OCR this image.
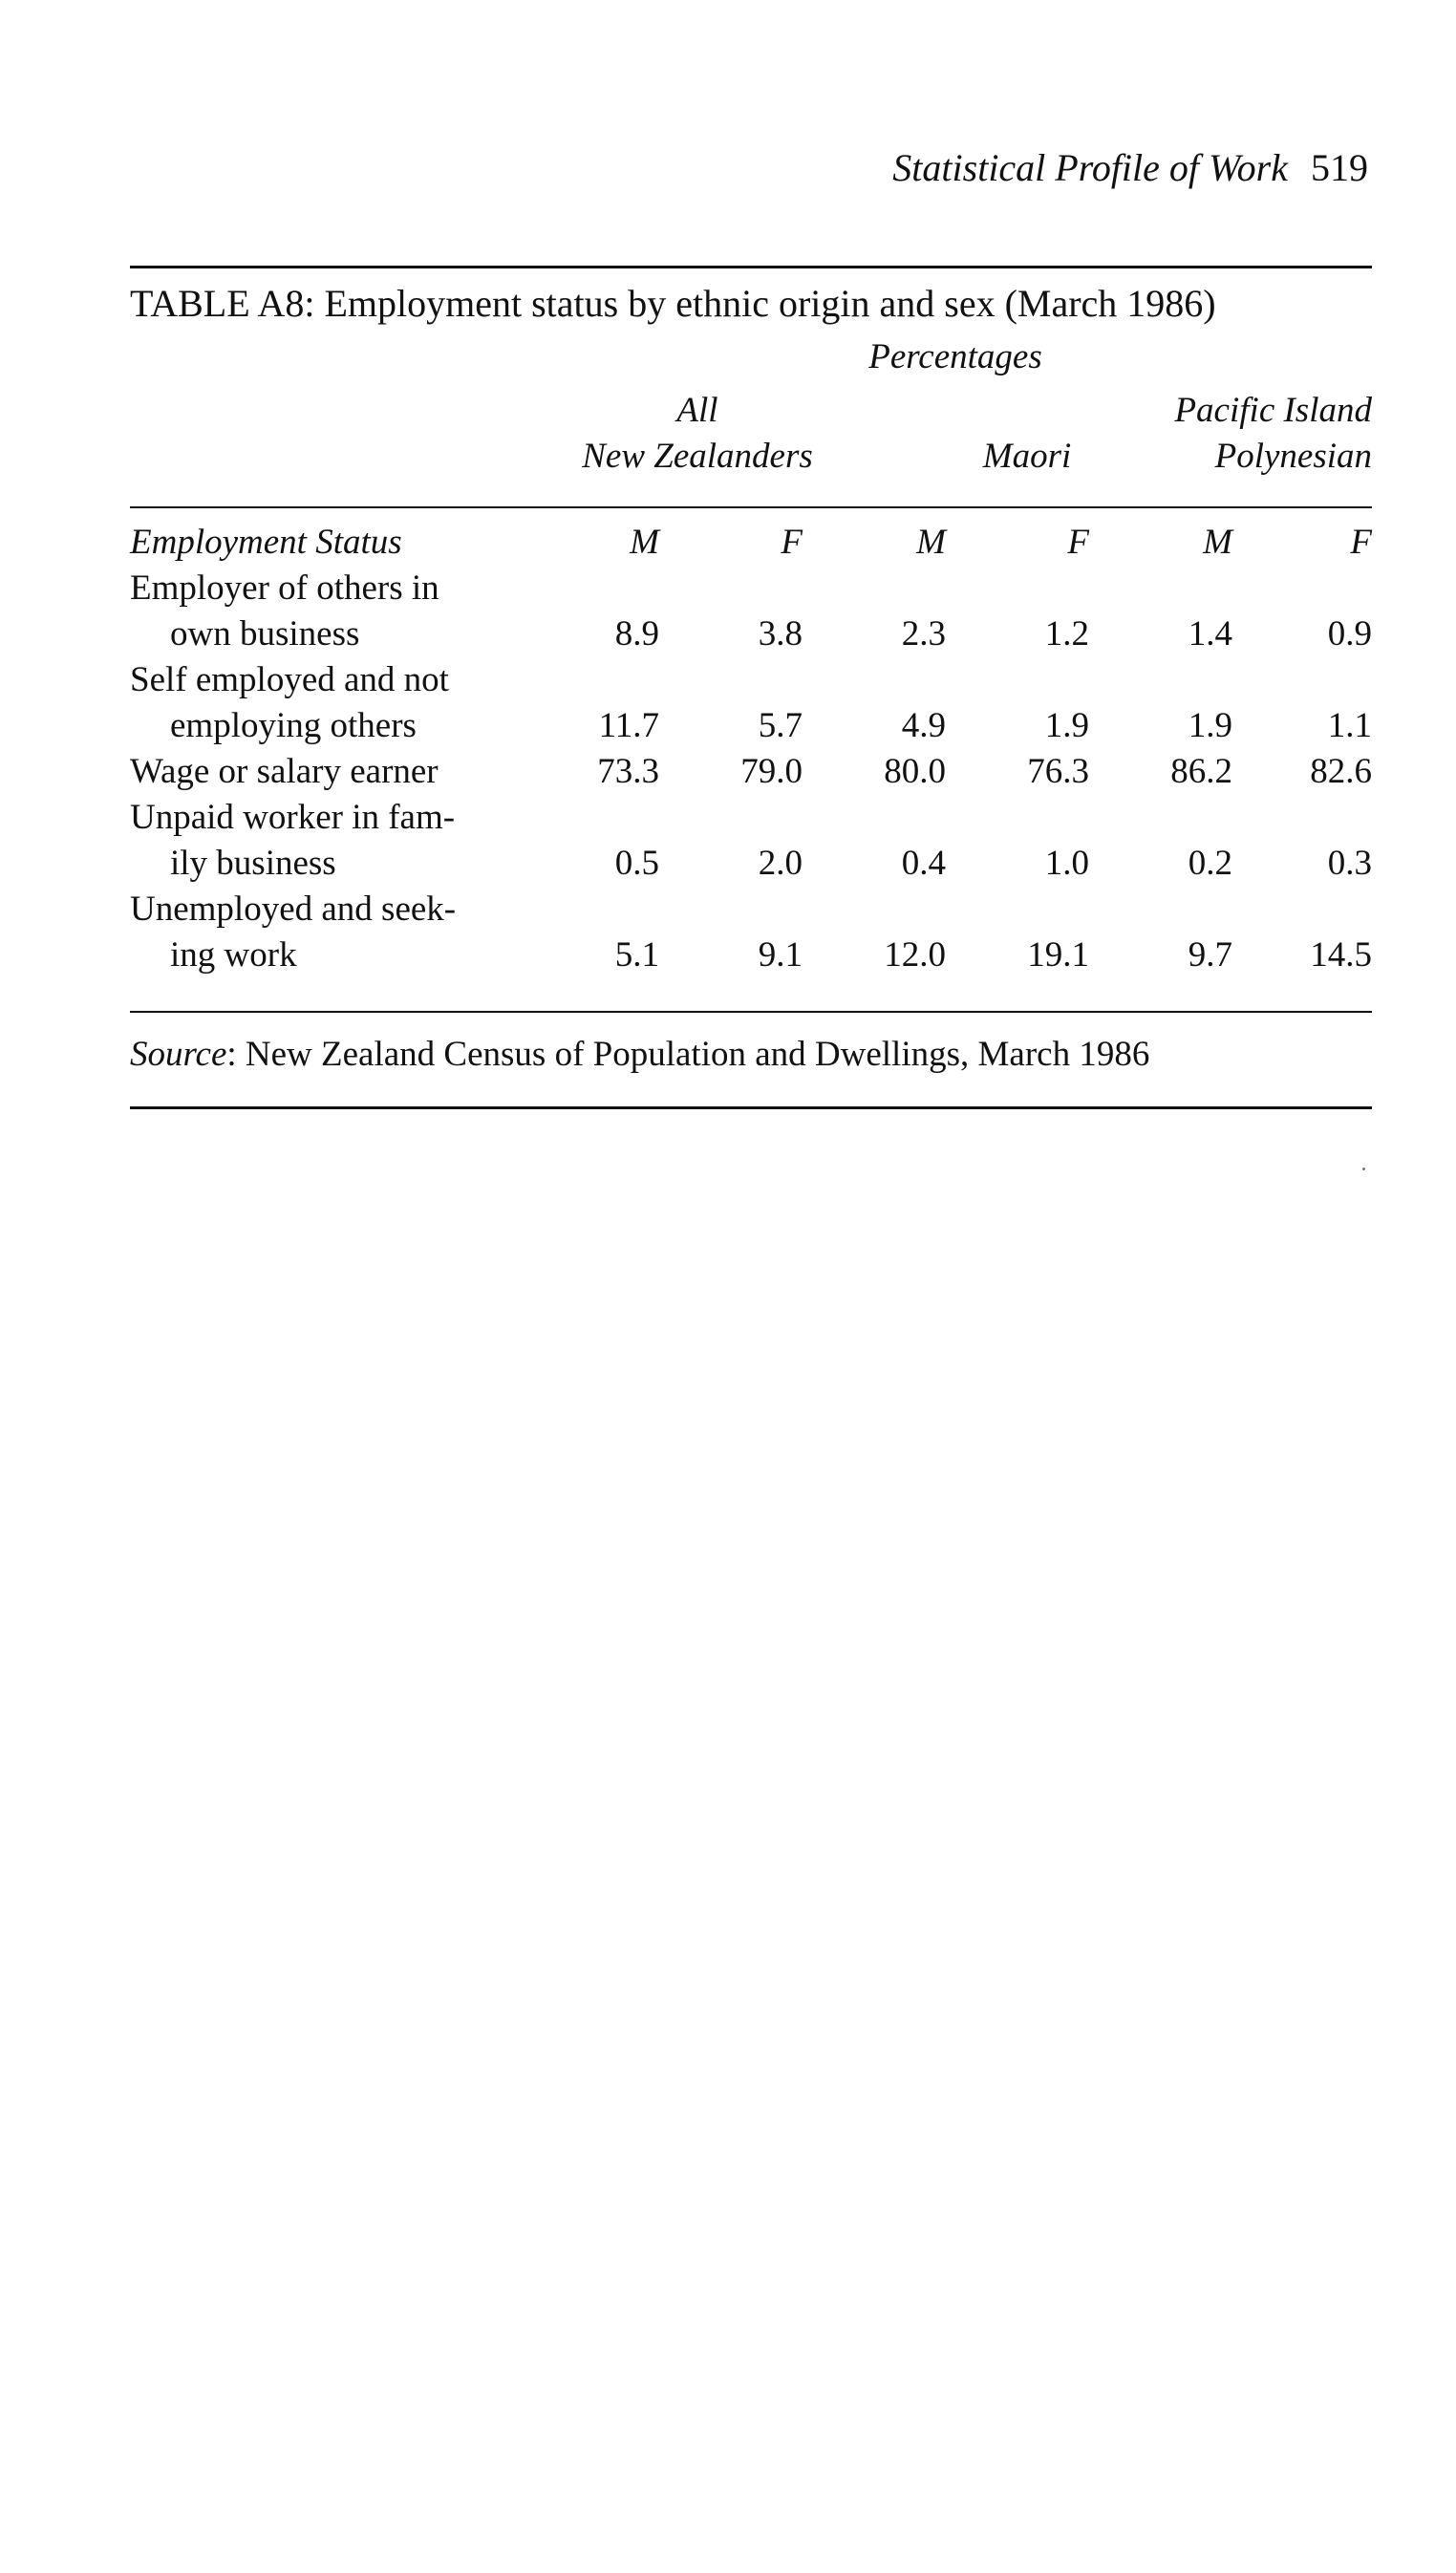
Statistical Profile of Work 519
TABLE A8: Employment status by ethnic origin and sex (March 1986)
Percentages
All
New Zealanders	Maori
Pacific Island
Polynesian
Employment Status	M	F	M	F	M	F
Employer of others in
own business	8.9	3.8	2.3	1.2	1.4	0.9
Self employed and not
employing others	11.7	5.7	4.9	1.9	1.9	1.1
Wage or salary earner	73.3	79.0	80.0	76.3	86.2	82.6
Unpaid worker in fam-
ily business	0.5	2.0	0.4	1.0	0.2	0.3
Unemployed and seek-
ing work	5.1	9.1	12.0	19.1	9.7	14.5
Source: New Zealand Census of Population and Dwellings, March 1986
